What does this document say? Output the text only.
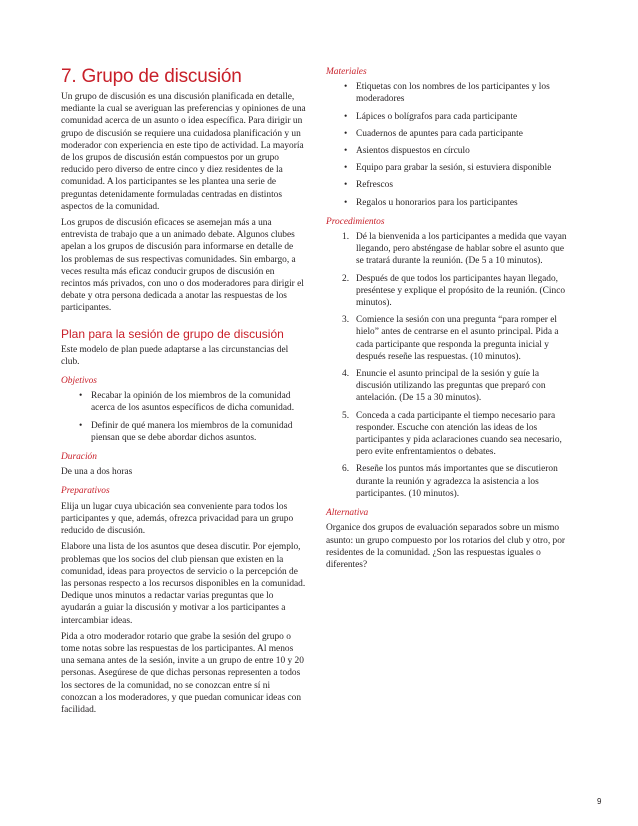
7. Grupo de discusión

Un grupo de discusión es una discusión planificada en detalle, mediante la cual se averiguan las preferencias y opiniones de una comunidad acerca de un asunto o idea específica. Para dirigir un grupo de discusión se requiere una cuidadosa planificación y un moderador con experiencia en este tipo de actividad. La mayoría de los grupos de discusión están compuestos por un grupo reducido pero diverso de entre cinco y diez residentes de la comunidad. A los participantes se les plantea una serie de preguntas detenidamente formuladas centradas en distintos aspectos de la comunidad.

Los grupos de discusión eficaces se asemejan más a una entrevista de trabajo que a un animado debate. Algunos clubes apelan a los grupos de discusión para informarse en detalle de los problemas de sus respectivas comunidades. Sin embargo, a veces resulta más eficaz conducir grupos de discusión en recintos más privados, con uno o dos moderadores para dirigir el debate y otra persona dedicada a anotar las respuestas de los participantes.

Plan para la sesión de grupo de discusión

Este modelo de plan puede adaptarse a las circunstancias del club.

Objetivos
• Recabar la opinión de los miembros de la comunidad acerca de los asuntos específicos de dicha comunidad.
• Definir de qué manera los miembros de la comunidad piensan que se debe abordar dichos asuntos.
Duración

De una a dos horas

Preparativos

Elija un lugar cuya ubicación sea conveniente para todos los participantes y que, además, ofrezca privacidad para un grupo reducido de discusión.

Elabore una lista de los asuntos que desea discutir. Por ejemplo, problemas que los socios del club piensan que existen en la comunidad, ideas para proyectos de servicio o la percepción de las personas respecto a los recursos disponibles en la comunidad. Dedique unos minutos a redactar varias preguntas que lo ayudarán a guiar la discusión y motivar a los participantes a intercambiar ideas.

Pida a otro moderador rotario que grabe la sesión del grupo o tome notas sobre las respuestas de los participantes. Al menos una semana antes de la sesión, invite a un grupo de entre 10 y 20 personas. Asegúrese de que dichas personas representen a todos los sectores de la comunidad, no se conozcan entre sí ni conozcan a los moderadores, y que puedan comunicar ideas con facilidad.

Materiales
• Etiquetas con los nombres de los participantes y los moderadores
• Lápices o bolígrafos para cada participante
• Cuadernos de apuntes para cada participante
• Asientos dispuestos en círculo
• Equipo para grabar la sesión, si estuviera disponible
• Refrescos
• Regalos u honorarios para los participantes
Procedimientos
1. Dé la bienvenida a los participantes a medida que vayan llegando, pero absténgase de hablar sobre el asunto que se tratará durante la reunión. (De 5 a 10 minutos).
2. Después de que todos los participantes hayan llegado, preséntese y explique el propósito de la reunión. (Cinco minutos).
3. Comience la sesión con una pregunta “para romper el hielo” antes de centrarse en el asunto principal. Pida a cada participante que responda la pregunta inicial y después reseñe las respuestas. (10 minutos).
4. Enuncie el asunto principal de la sesión y guíe la discusión utilizando las preguntas que preparó con antelación. (De 15 a 30 minutos).
5. Conceda a cada participante el tiempo necesario para responder. Escuche con atención las ideas de los participantes y pida aclaraciones cuando sea necesario, pero evite enfrentamientos o debates.
6. Reseñe los puntos más importantes que se discutieron durante la reunión y agradezca la asistencia a los participantes. (10 minutos).
Alternativa

Organice dos grupos de evaluación separados sobre un mismo asunto: un grupo compuesto por los rotarios del club y otro, por residentes de la comunidad. ¿Son las respuestas iguales o diferentes?

9
